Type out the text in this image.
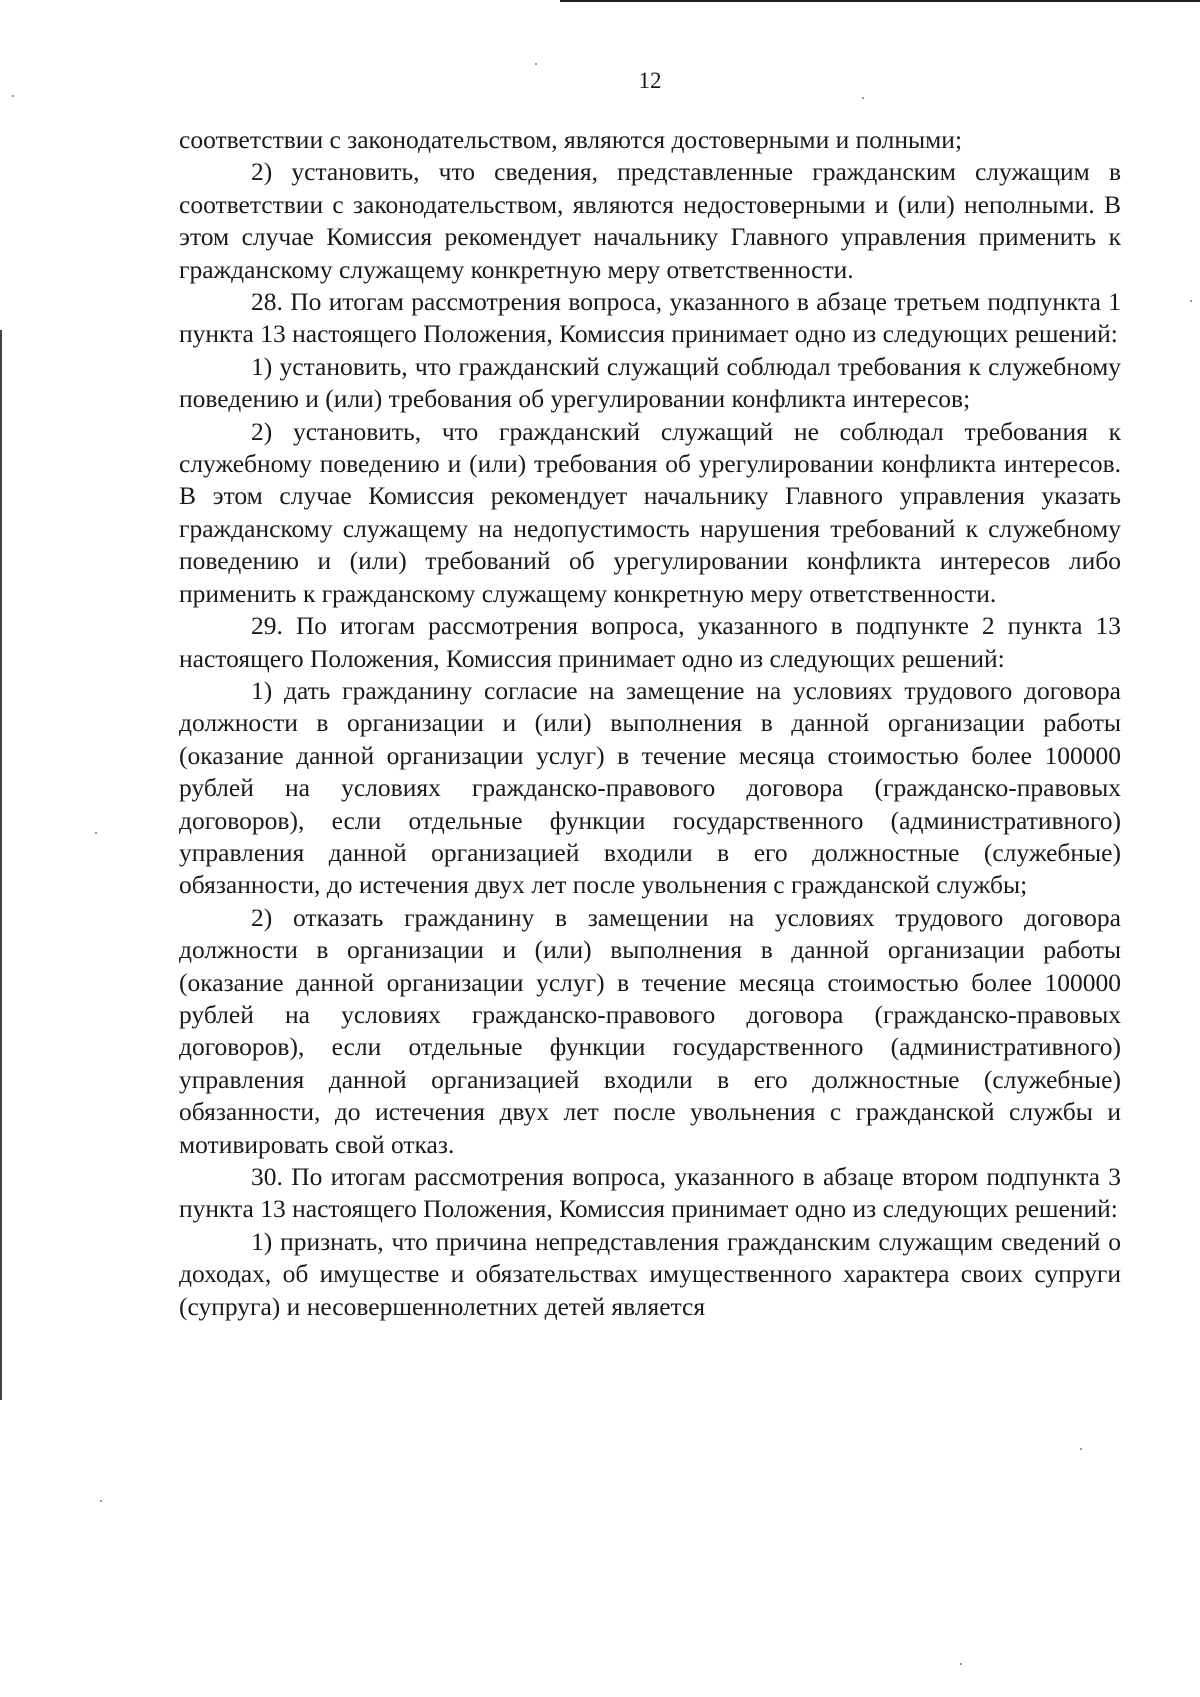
12

соответствии с законодательством, являются достоверными и полными;

2) установить, что сведения, представленные гражданским служащим в соответствии с законодательством, являются недостоверными и (или) неполными. В этом случае Комиссия рекомендует начальнику Главного управления применить к гражданскому служащему конкретную меру ответственности.

28. По итогам рассмотрения вопроса, указанного в абзаце третьем подпункта 1 пункта 13 настоящего Положения, Комиссия принимает одно из следующих решений:

1) установить, что гражданский служащий соблюдал требования к служебному поведению и (или) требования об урегулировании конфликта интересов;

2) установить, что гражданский служащий не соблюдал требования к служебному поведению и (или) требования об урегулировании конфликта интересов. В этом случае Комиссия рекомендует начальнику Главного управления указать гражданскому служащему на недопустимость нарушения требований к служебному поведению и (или) требований об урегулировании конфликта интересов либо применить к гражданскому служащему конкретную меру ответственности.

29. По итогам рассмотрения вопроса, указанного в подпункте 2 пункта 13 настоящего Положения, Комиссия принимает одно из следующих решений:

1) дать гражданину согласие на замещение на условиях трудового договора должности в организации и (или) выполнения в данной организации работы (оказание данной организации услуг) в течение месяца стоимостью более 100000 рублей на условиях гражданско-правового договора (гражданско-правовых договоров), если отдельные функции государственного (административного) управления данной организацией входили в его должностные (служебные) обязанности, до истечения двух лет после увольнения с гражданской службы;

2) отказать гражданину в замещении на условиях трудового договора должности в организации и (или) выполнения в данной организации работы (оказание данной организации услуг) в течение месяца стоимостью более 100000 рублей на условиях гражданско-правового договора (гражданско-правовых договоров), если отдельные функции государственного (административного) управления данной организацией входили в его должностные (служебные) обязанности, до истечения двух лет после увольнения с гражданской службы и мотивировать свой отказ.

30. По итогам рассмотрения вопроса, указанного в абзаце втором подпункта 3 пункта 13 настоящего Положения, Комиссия принимает одно из следующих решений:

1) признать, что причина непредставления гражданским служащим сведений о доходах, об имуществе и обязательствах имущественного характера своих супруги (супруга) и несовершеннолетних детей является
